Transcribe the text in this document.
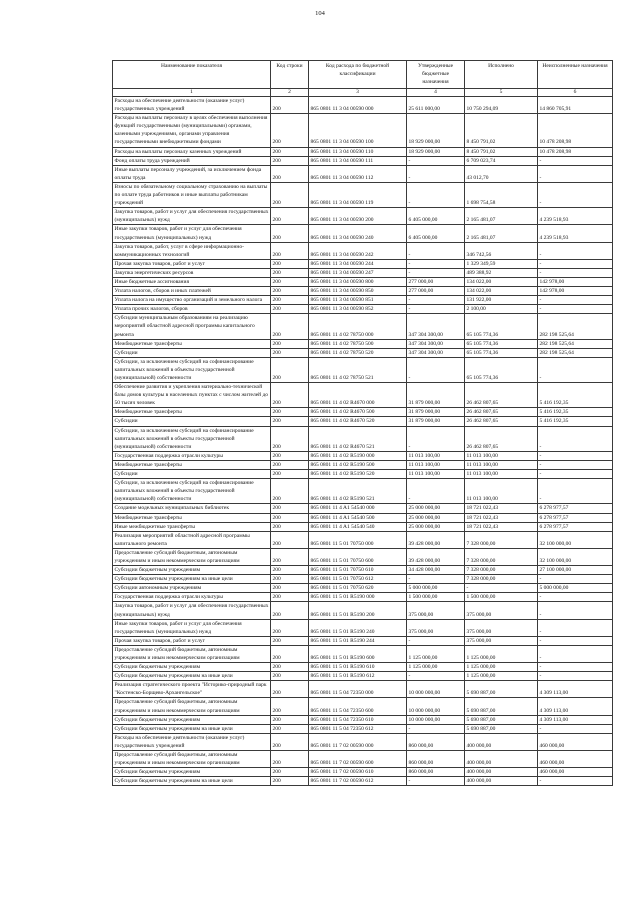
104
Наименование показателя	Код строки	Код расхода по бюджетной классификации	Утвержденные бюджетные назначения	Исполнено	Неисполненные назначения
1	2	3	4	5	6
Расходы на обеспечение деятельности (оказание услуг) государственных учреждений	200	865 0801 11 3 04 00590 000	25 611 000,00	10 750 294,09	14 860 705,91
Расходы на выплаты персоналу в целях обеспечения выполнения функций государственными (муниципальными) органами, казенными учреждениями, органами управления государственными внебюджетными фондами	200	865 0801 11 3 04 00590 100	18 929 000,00	8 450 791,02	10 478 208,98
Расходы на выплаты персоналу казенных учреждений	200	865 0801 11 3 04 00590 110	18 929 000,00	8 450 791,02	10 478 208,98
Фонд оплаты труда учреждений	200	865 0801 11 3 04 00590 111	-	6 709 023,74	-
Иные выплаты персоналу учреждений, за исключением фонда оплаты труда	200	865 0801 11 3 04 00590 112	-	43 012,70	-
Взносы по обязательному социальному страхованию на выплаты по оплате труда работников и иные выплаты работникам учреждений	200	865 0801 11 3 04 00590 119	-	1 698 754,58	-
Закупка товаров, работ и услуг для обеспечения государственных (муниципальных) нужд	200	865 0801 11 3 04 00590 200	6 405 000,00	2 165 481,07	4 239 518,93
Иные закупки товаров, работ и услуг для обеспечения государственных (муниципальных) нужд	200	865 0801 11 3 04 00590 240	6 405 000,00	2 165 481,07	4 239 518,93
Закупка товаров, работ, услуг в сфере информационно-коммуникационных технологий	200	865 0801 11 3 04 00590 242	-	346 742,56	-
Прочая закупка товаров, работ и услуг	200	865 0801 11 3 04 00590 244	-	1 329 349,59	-
Закупка энергетических ресурсов	200	865 0801 11 3 04 00590 247	-	489 388,92	-
Иные бюджетные ассигнования	200	865 0801 11 3 04 00590 800	277 000,00	134 022,00	142 978,00
Уплата налогов, сборов и иных платежей	200	865 0801 11 3 04 00590 850	277 000,00	134 022,00	142 978,00
Уплата налога на имущество организаций и земельного налога	200	865 0801 11 3 04 00590 851	-	131 922,00	-
Уплата прочих налогов, сборов	200	865 0801 11 3 04 00590 852	-	2 100,00	-
Субсидии муниципальным образованиям на реализацию мероприятий областной адресной программы капитального ремонта	200	865 0801 11 4 02 78750 000	347 304 300,00	65 105 774,36	282 198 525,64
Межбюджетные трансферты	200	865 0801 11 4 02 78750 500	347 304 300,00	65 105 774,36	282 198 525,64
Субсидии	200	865 0801 11 4 02 78750 520	347 304 300,00	65 105 774,36	282 198 525,64
Субсидии, за исключением субсидий на софинансирование капитальных вложений в объекты государственной (муниципальной) собственности	200	865 0801 11 4 02 78750 521	-	65 105 774,36	-
Обеспечение развития и укрепления материально-технической базы домов культуры в населенных пунктах с числом жителей до 50 тысяч человек	200	865 0801 11 4 02 R4670 000	31 879 000,00	26 462 807,65	5 416 192,35
Межбюджетные трансферты	200	865 0801 11 4 02 R4670 500	31 879 000,00	26 462 807,65	5 416 192,35
Субсидии	200	865 0801 11 4 02 R4670 520	31 879 000,00	26 462 807,65	5 416 192,35
Субсидии, за исключением субсидий на софинансирование капитальных вложений в объекты государственной (муниципальной) собственности	200	865 0801 11 4 02 R4670 521	-	26 462 807,65	-
Государственная поддержка отрасли культуры	200	865 0801 11 4 02 R5190 000	11 013 100,00	11 013 100,00	-
Межбюджетные трансферты	200	865 0801 11 4 02 R5190 500	11 013 100,00	11 013 100,00	-
Субсидии	200	865 0801 11 4 02 R5190 520	11 013 100,00	11 013 100,00	-
Субсидии, за исключением субсидий на софинансирование капитальных вложений в объекты государственной (муниципальной) собственности	200	865 0801 11 4 02 R5190 521	-	11 013 100,00	-
Создание модельных муниципальных библиотек	200	865 0801 11 4 A1 54540 000	25 000 000,00	18 721 022,43	6 278 977,57
Межбюджетные трансферты	200	865 0801 11 4 A1 54540 500	25 000 000,00	18 721 022,43	6 278 977,57
Иные межбюджетные трансферты	200	865 0801 11 4 A1 54540 540	25 000 000,00	18 721 022,43	6 278 977,57
Реализация мероприятий областной адресной программы капитального ремонта	200	865 0801 11 5 01 70750 000	39 428 000,00	7 328 000,00	32 100 000,00
Предоставление субсидий бюджетным, автономным учреждениям и иным некоммерческим организациям	200	865 0801 11 5 01 70750 600	39 428 000,00	7 328 000,00	32 100 000,00
Субсидии бюджетным учреждениям	200	865 0801 11 5 01 70750 610	34 428 000,00	7 328 000,00	27 100 000,00
Субсидии бюджетным учреждениям на иные цели	200	865 0801 11 5 01 70750 612	-	7 328 000,00	-
Субсидии автономным учреждениям	200	865 0801 11 5 01 70750 620	5 000 000,00	-	5 000 000,00
Государственная поддержка отрасли культуры	200	865 0801 11 5 01 R5190 000	1 500 000,00	1 500 000,00	-
Закупка товаров, работ и услуг для обеспечения государственных (муниципальных) нужд	200	865 0801 11 5 01 R5190 200	375 000,00	375 000,00	-
Иные закупки товаров, работ и услуг для обеспечения государственных (муниципальных) нужд	200	865 0801 11 5 01 R5190 240	375 000,00	375 000,00	-
Прочая закупка товаров, работ и услуг	200	865 0801 11 5 01 R5190 244	-	375 000,00	-
Предоставление субсидий бюджетным, автономным учреждениям и иным некоммерческим организациям	200	865 0801 11 5 01 R5190 600	1 125 000,00	1 125 000,00	-
Субсидии бюджетным учреждениям	200	865 0801 11 5 01 R5190 610	1 125 000,00	1 125 000,00	-
Субсидии бюджетным учреждениям на иные цели	200	865 0801 11 5 01 R5190 612	-	1 125 000,00	-
Реализация стратегического проекта "Историко-природный парк "Костенско-Борщево-Архангельское"	200	865 0801 11 5 04 72350 000	10 000 000,00	5 690 887,00	4 309 113,00
Предоставление субсидий бюджетным, автономным учреждениям и иным некоммерческим организациям	200	865 0801 11 5 04 72350 600	10 000 000,00	5 690 887,00	4 309 113,00
Субсидии бюджетным учреждениям	200	865 0801 11 5 04 72350 610	10 000 000,00	5 690 887,00	4 309 113,00
Субсидии бюджетным учреждениям на иные цели	200	865 0801 11 5 04 72350 612	-	5 690 887,00	-
Расходы на обеспечение деятельности (оказание услуг) государственных учреждений	200	865 0801 11 7 02 00590 000	860 000,00	400 000,00	460 000,00
Предоставление субсидий бюджетным, автономным учреждениям и иным некоммерческим организациям	200	865 0801 11 7 02 00590 600	860 000,00	400 000,00	460 000,00
Субсидии бюджетным учреждениям	200	865 0801 11 7 02 00590 610	860 000,00	400 000,00	460 000,00
Субсидии бюджетным учреждениям на иные цели	200	865 0801 11 7 02 00590 612	-	400 000,00	-
